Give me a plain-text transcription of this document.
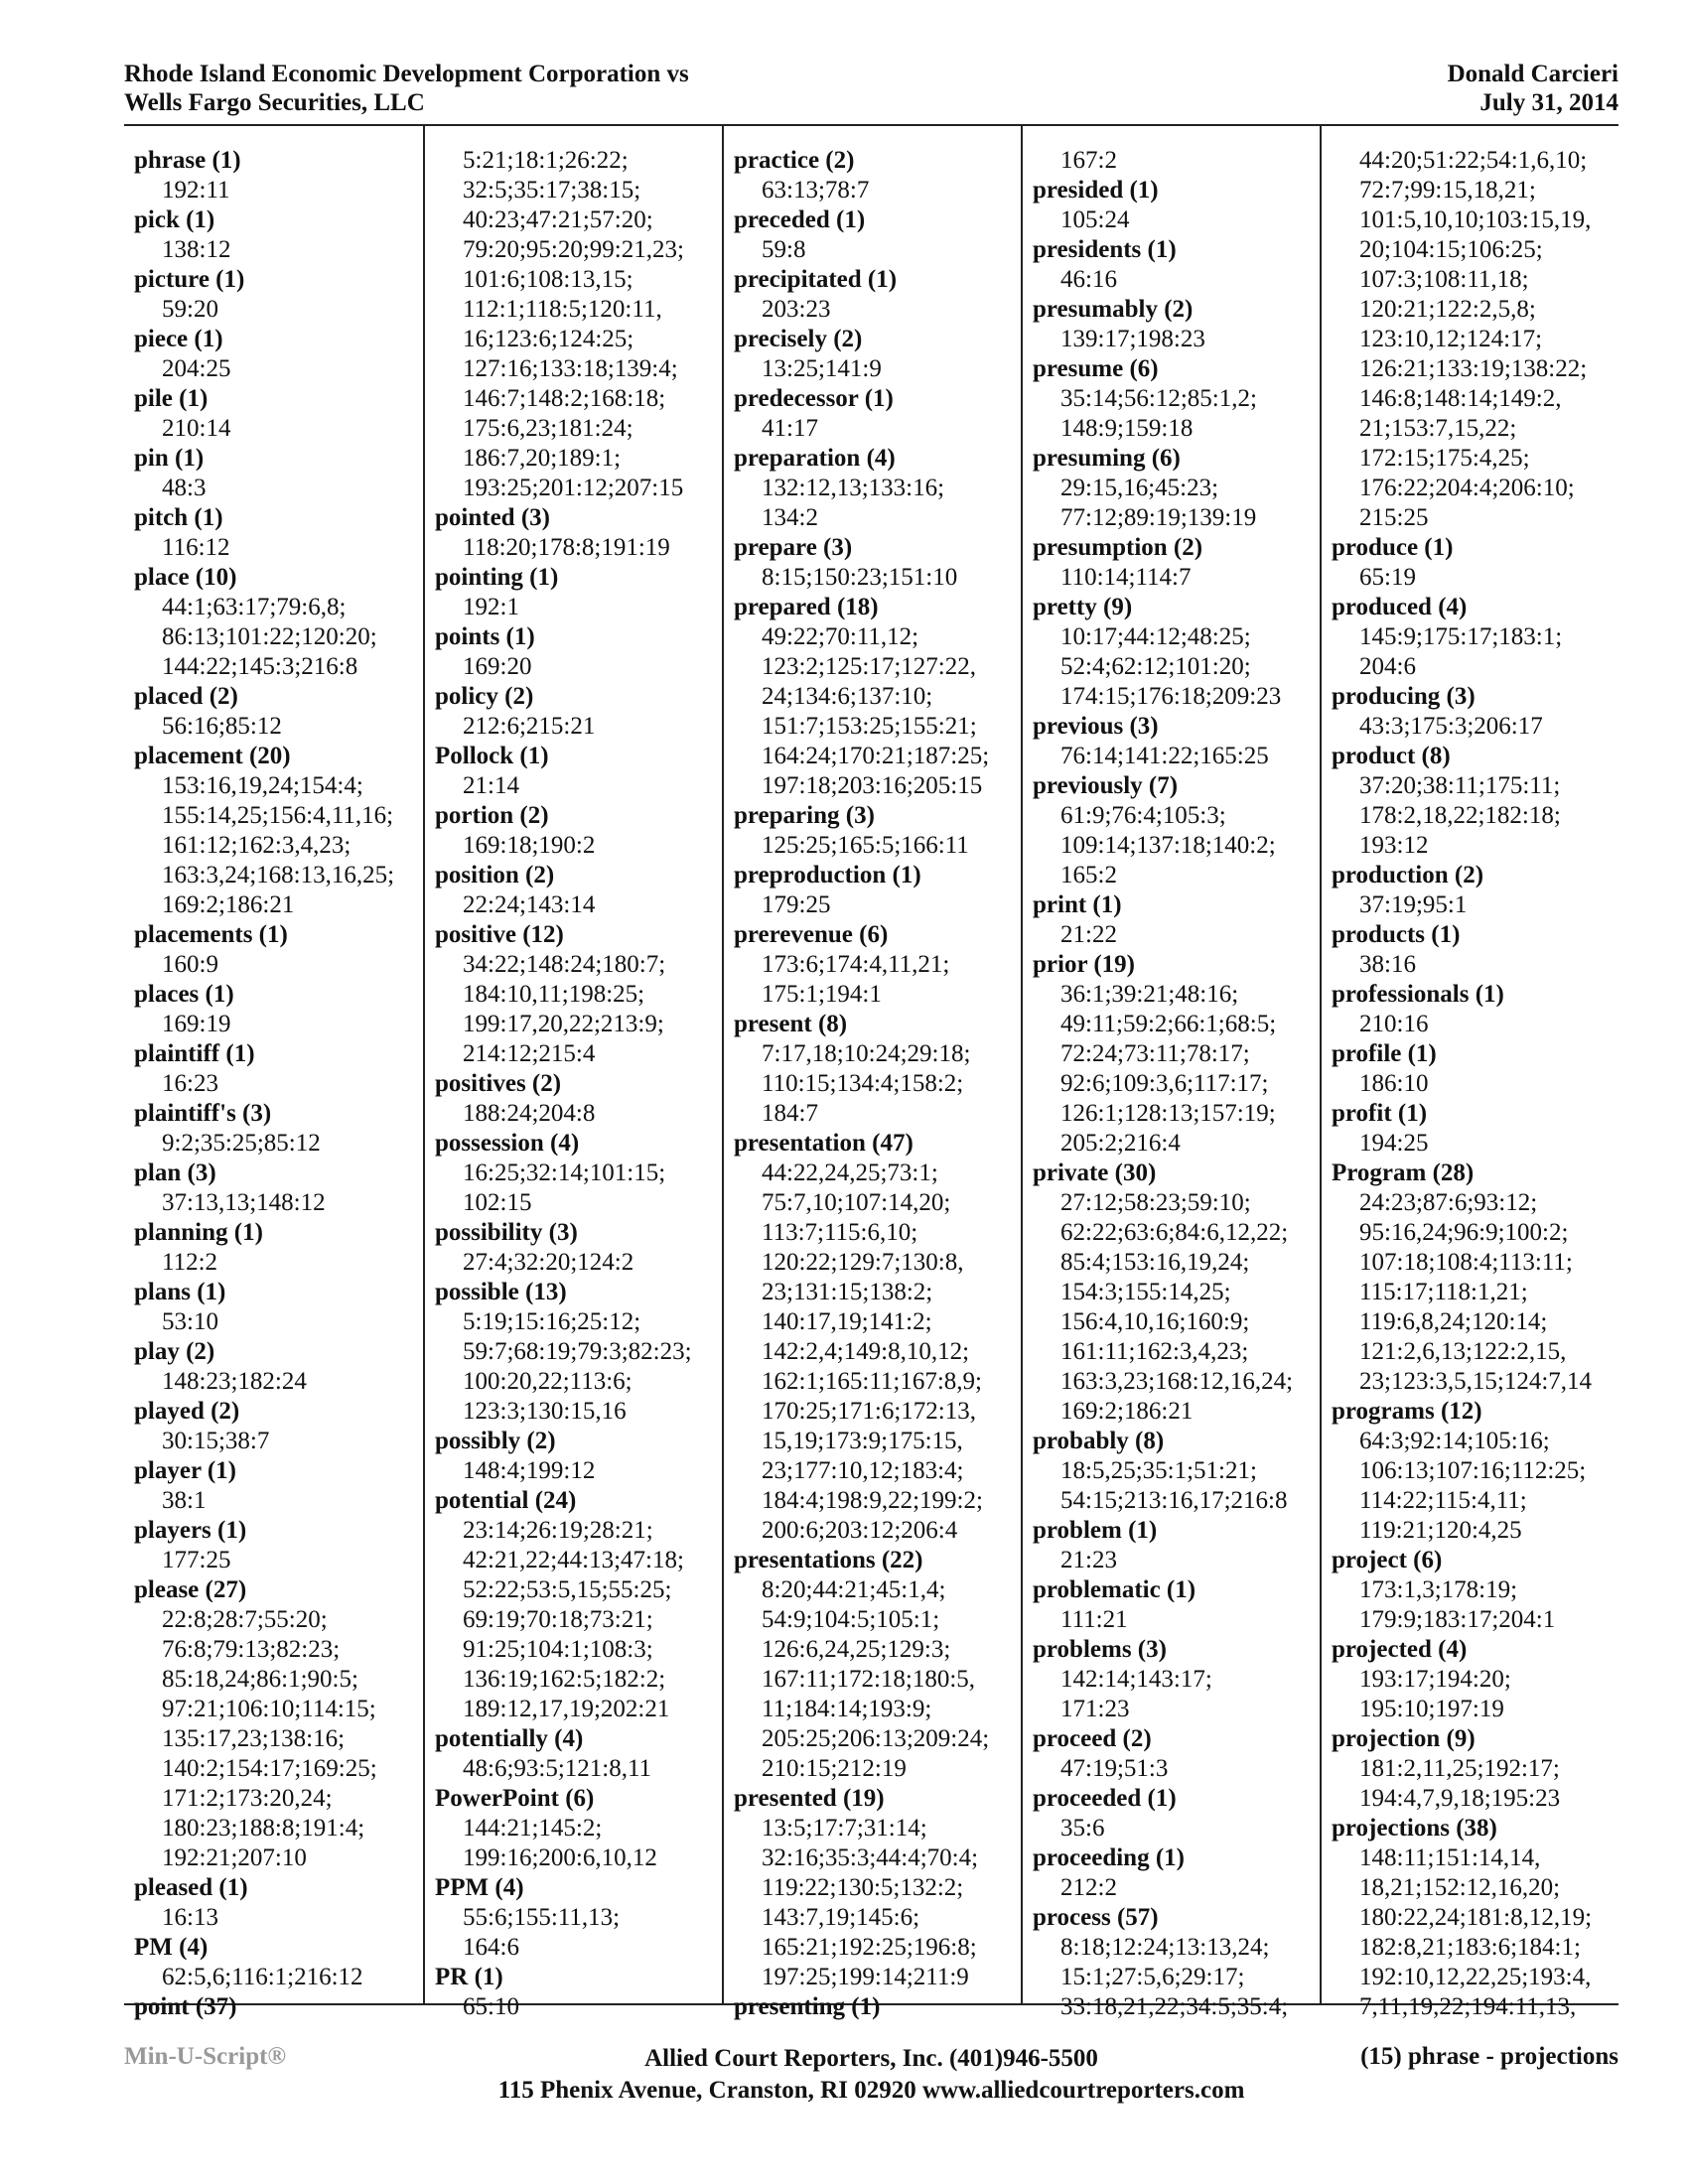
Rhode Island Economic Development Corporation vs
Wells Fargo Securities, LLC
Donald Carcieri
July 31, 2014
phrase (1)
192:11
pick (1)
138:12
picture (1)
59:20
piece (1)
204:25
pile (1)
210:14
pin (1)
48:3
pitch (1)
116:12
place (10)
44:1;63:17;79:6,8;
86:13;101:22;120:20;
144:22;145:3;216:8
placed (2)
56:16;85:12
placement (20)
153:16,19,24;154:4;
155:14,25;156:4,11,16;
161:12;162:3,4,23;
163:3,24;168:13,16,25;
169:2;186:21
placements (1)
160:9
places (1)
169:19
plaintiff (1)
16:23
plaintiff's (3)
9:2;35:25;85:12
plan (3)
37:13,13;148:12
planning (1)
112:2
plans (1)
53:10
play (2)
148:23;182:24
played (2)
30:15;38:7
player (1)
38:1
players (1)
177:25
please (27)
22:8;28:7;55:20;
76:8;79:13;82:23;
85:18,24;86:1;90:5;
97:21;106:10;114:15;
135:17,23;138:16;
140:2;154:17;169:25;
171:2;173:20,24;
180:23;188:8;191:4;
192:21;207:10
pleased (1)
16:13
PM (4)
62:5,6;116:1;216:12
point (37)
5:21;18:1;26:22;
32:5;35:17;38:15;
40:23;47:21;57:20;
79:20;95:20;99:21,23;
101:6;108:13,15;
112:1;118:5;120:11,
16;123:6;124:25;
127:16;133:18;139:4;
146:7;148:2;168:18;
175:6,23;181:24;
186:7,20;189:1;
193:25;201:12;207:15
pointed (3)
118:20;178:8;191:19
pointing (1)
192:1
points (1)
169:20
policy (2)
212:6;215:21
Pollock (1)
21:14
portion (2)
169:18;190:2
position (2)
22:24;143:14
positive (12)
34:22;148:24;180:7;
184:10,11;198:25;
199:17,20,22;213:9;
214:12;215:4
positives (2)
188:24;204:8
possession (4)
16:25;32:14;101:15;
102:15
possibility (3)
27:4;32:20;124:2
possible (13)
5:19;15:16;25:12;
59:7;68:19;79:3;82:23;
100:20,22;113:6;
123:3;130:15,16
possibly (2)
148:4;199:12
potential (24)
23:14;26:19;28:21;
42:21,22;44:13;47:18;
52:22;53:5,15;55:25;
69:19;70:18;73:21;
91:25;104:1;108:3;
136:19;162:5;182:2;
189:12,17,19;202:21
potentially (4)
48:6;93:5;121:8,11
PowerPoint (6)
144:21;145:2;
199:16;200:6,10,12
PPM (4)
55:6;155:11,13;
164:6
PR (1)
65:10
practice (2)
63:13;78:7
preceded (1)
59:8
precipitated (1)
203:23
precisely (2)
13:25;141:9
predecessor (1)
41:17
preparation (4)
132:12,13;133:16;
134:2
prepare (3)
8:15;150:23;151:10
prepared (18)
49:22;70:11,12;
123:2;125:17;127:22,
24;134:6;137:10;
151:7;153:25;155:21;
164:24;170:21;187:25;
197:18;203:16;205:15
preparing (3)
125:25;165:5;166:11
preproduction (1)
179:25
prerevenue (6)
173:6;174:4,11,21;
175:1;194:1
present (8)
7:17,18;10:24;29:18;
110:15;134:4;158:2;
184:7
presentation (47)
44:22,24,25;73:1;
75:7,10;107:14,20;
113:7;115:6,10;
120:22;129:7;130:8,
23;131:15;138:2;
140:17,19;141:2;
142:2,4;149:8,10,12;
162:1;165:11;167:8,9;
170:25;171:6;172:13,
15,19;173:9;175:15,
23;177:10,12;183:4;
184:4;198:9,22;199:2;
200:6;203:12;206:4
presentations (22)
8:20;44:21;45:1,4;
54:9;104:5;105:1;
126:6,24,25;129:3;
167:11;172:18;180:5,
11;184:14;193:9;
205:25;206:13;209:24;
210:15;212:19
presented (19)
13:5;17:7;31:14;
32:16;35:3;44:4;70:4;
119:22;130:5;132:2;
143:7,19;145:6;
165:21;192:25;196:8;
197:25;199:14;211:9
presenting (1)
167:2
presided (1)
105:24
presidents (1)
46:16
presumably (2)
139:17;198:23
presume (6)
35:14;56:12;85:1,2;
148:9;159:18
presuming (6)
29:15,16;45:23;
77:12;89:19;139:19
presumption (2)
110:14;114:7
pretty (9)
10:17;44:12;48:25;
52:4;62:12;101:20;
174:15;176:18;209:23
previous (3)
76:14;141:22;165:25
previously (7)
61:9;76:4;105:3;
109:14;137:18;140:2;
165:2
print (1)
21:22
prior (19)
36:1;39:21;48:16;
49:11;59:2;66:1;68:5;
72:24;73:11;78:17;
92:6;109:3,6;117:17;
126:1;128:13;157:19;
205:2;216:4
private (30)
27:12;58:23;59:10;
62:22;63:6;84:6,12,22;
85:4;153:16,19,24;
154:3;155:14,25;
156:4,10,16;160:9;
161:11;162:3,4,23;
163:3,23;168:12,16,24;
169:2;186:21
probably (8)
18:5,25;35:1;51:21;
54:15;213:16,17;216:8
problem (1)
21:23
problematic (1)
111:21
problems (3)
142:14;143:17;
171:23
proceed (2)
47:19;51:3
proceeded (1)
35:6
proceeding (1)
212:2
process (57)
8:18;12:24;13:13,24;
15:1;27:5,6;29:17;
33:18,21,22;34:5;35:4;
44:20;51:22;54:1,6,10;
72:7;99:15,18,21;
101:5,10,10;103:15,19,
20;104:15;106:25;
107:3;108:11,18;
120:21;122:2,5,8;
123:10,12;124:17;
126:21;133:19;138:22;
146:8;148:14;149:2,
21;153:7,15,22;
172:15;175:4,25;
176:22;204:4;206:10;
215:25
produce (1)
65:19
produced (4)
145:9;175:17;183:1;
204:6
producing (3)
43:3;175:3;206:17
product (8)
37:20;38:11;175:11;
178:2,18,22;182:18;
193:12
production (2)
37:19;95:1
products (1)
38:16
professionals (1)
210:16
profile (1)
186:10
profit (1)
194:25
Program (28)
24:23;87:6;93:12;
95:16,24;96:9;100:2;
107:18;108:4;113:11;
115:17;118:1,21;
119:6,8,24;120:14;
121:2,6,13;122:2,15,
23;123:3,5,15;124:7,14
programs (12)
64:3;92:14;105:16;
106:13;107:16;112:25;
114:22;115:4,11;
119:21;120:4,25
project (6)
173:1,3;178:19;
179:9;183:17;204:1
projected (4)
193:17;194:20;
195:10;197:19
projection (9)
181:2,11,25;192:17;
194:4,7,9,18;195:23
projections (38)
148:11;151:14,14,
18,21;152:12,16,20;
180:22,24;181:8,12,19;
182:8,21;183:6;184:1;
192:10,12,22,25;193:4,
7,11,19,22;194:11,13,
Min-U-Script®	Allied Court Reporters, Inc. (401)946-5500
115 Phenix Avenue, Cranston, RI 02920 www.alliedcourtreporters.com
(15) phrase - projections
